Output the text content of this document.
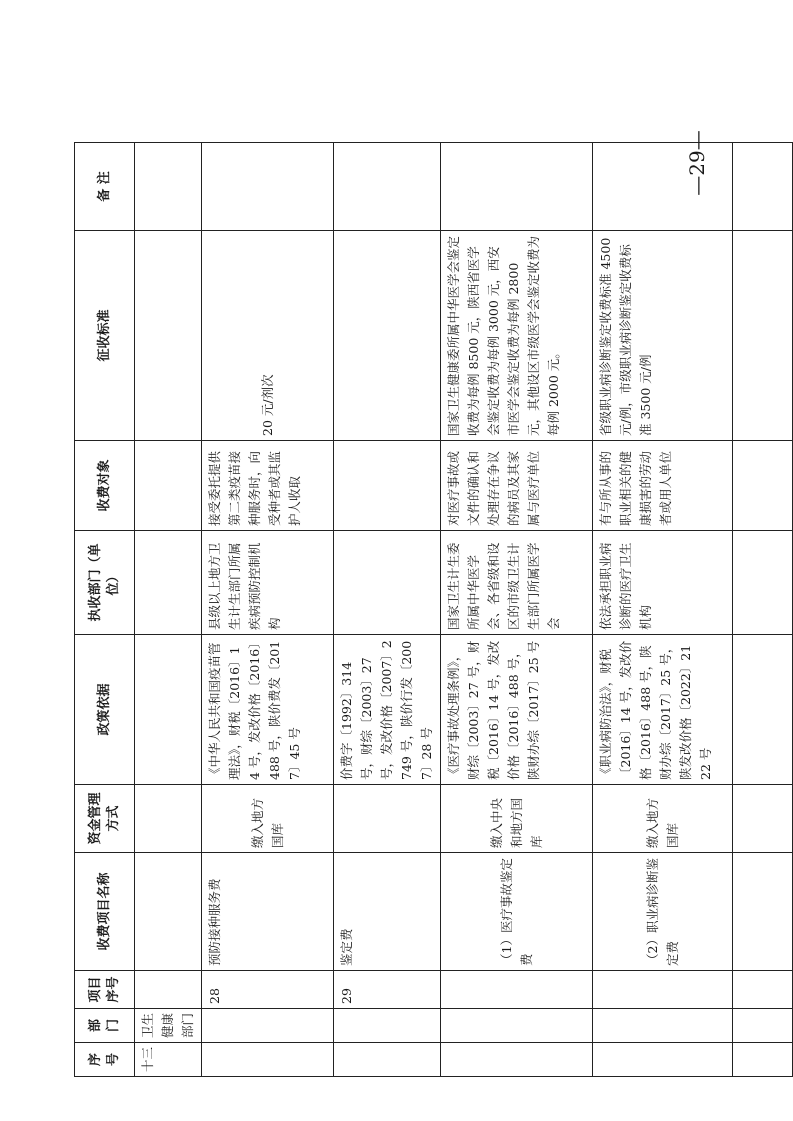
序号	部门	项目序号	收费项目名称	资金管理方式	政策依据	执收部门（单位）	收费对象	征收标准	备 注
十三	卫生健康部门								
		28	预防接种服务费	缴入地方国库	《中华人民共和国疫苗管理法》，财税〔2016〕14 号，发改价格〔2016〕488 号，陕价费发〔2017〕45 号	县级以上地方卫生计生部门所属疾病预防控制机构	接受委托提供第二类疫苗接种服务时，向受种者或其监护人收取	20 元/剂次	
		29	鉴定费		价费字〔1992〕314 号，财综〔2003〕27 号，发改价格〔2007〕2749 号，陕价行发〔2007〕28 号				
			（1）医疗事故鉴定费	缴入中央和地方国库	《医疗事故处理条例》，财综〔2003〕27 号，财税〔2016〕14 号，发改价格〔2016〕488 号，陕财办综〔2017〕25 号	国家卫生计生委所属中华医学会、各省级和设区的市级卫生计生部门所属医学会	对医疗事故或文件的确认和处理存在争议的病员及其家属与医疗单位	国家卫生健康委所属中华医学会鉴定收费为每例 8500 元，陕西省医学会鉴定收费为每例 3000 元，西安市医学会鉴定收费为每例 2800 元，其他设区市级医学会鉴定收费为每例 2000 元。	
			（2）职业病诊断鉴定费	缴入地方国库	《职业病防治法》，财税〔2016〕14 号，发改价格〔2016〕488 号，陕财办综〔2017〕25 号，陕发改价格〔2022〕2122 号	依法承担职业病诊断的医疗卫生机构	有与所从事的职业相关的健康损害的劳动者或用人单位	省级职业病诊断鉴定收费标准 4500 元/例，市级职业病诊断鉴定收费标准 3500 元/例	

—29—
